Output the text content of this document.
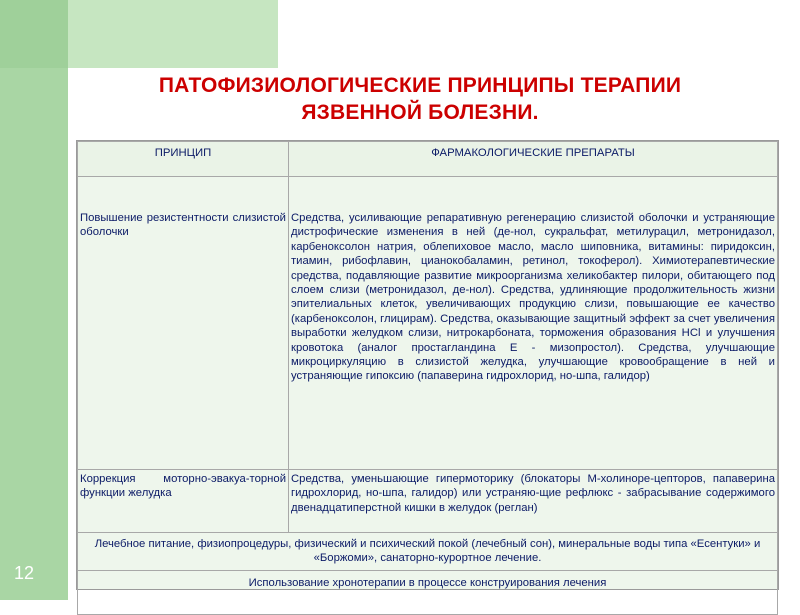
12
ПАТОФИЗИОЛОГИЧЕСКИЕ ПРИНЦИПЫ ТЕРАПИИ
ЯЗВЕННОЙ БОЛЕЗНИ.
ПРИНЦИП	ФАРМАКОЛОГИЧЕСКИЕ ПРЕПАРАТЫ
Повышение резистентности слизистой оболочки	Средства, усиливающие репаративную регенерацию слизистой оболочки и устраняющие дистрофические изменения в ней (де-нол, сукральфат, метилурацил, метронидазол, карбеноксолон натрия, облепиховое масло, масло шиповника, витамины: пиридоксин, тиамин, рибофлавин, цианокобаламин, ретинол, токоферол). Химиотерапевтические средства, подавляющие развитие микроорганизма хеликобактер пилори, обитающего под слоем слизи (метронидазол, де-нол). Средства, удлиняющие продолжительность жизни эпителиальных клеток, увеличивающих продукцию слизи, повышающие ее качество (карбеноксолон, глицирам). Средства, оказывающие защитный эффект за счет увеличения выработки желудком слизи, нитрокарбоната, торможения образования HCl и улучшения кровотока (аналог простагландина Е - мизопростол). Средства, улучшающие микроциркуляцию в слизистой желудка, улучшающие кровообращение в ней и устраняющие гипоксию (папаверина гидрохлорид, но-шпа, галидор)
Коррекция моторно-эвакуа-торной функции желудка	Средства, уменьшающие гипермоторику (блокаторы М-холиноре-цепторов, папаверина гидрохлорид, но-шпа, галидор) или устраняю-щие рефлюкс - забрасывание содержимого двенадцатиперстной кишки в желудок (реглан)
Лечебное питание, физиопроцедуры, физический и психический покой (лечебный сон), минеральные воды типа «Есентуки» и «Боржоми», санаторно-курортное лечение.	
Использование хронотерапии в процессе конструирования лечения	
